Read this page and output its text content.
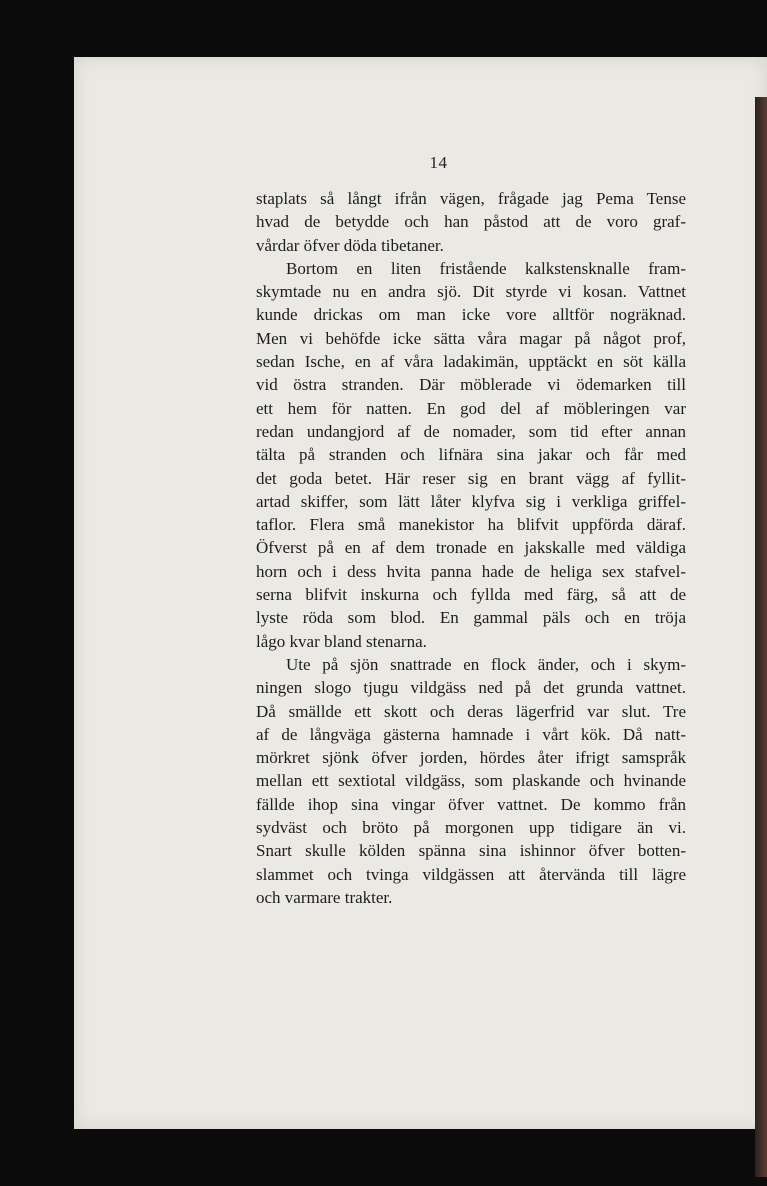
14
staplats så långt ifrån vägen, frågade jag Pema Tense
hvad de betydde och han påstod att de voro graf-
vårdar öfver döda tibetaner.
Bortom en liten fristående kalkstensknalle fram-
skymtade nu en andra sjö. Dit styrde vi kosan. Vattnet
kunde drickas om man icke vore alltför nogräknad.
Men vi behöfde icke sätta våra magar på något prof,
sedan Ische, en af våra ladakimän, upptäckt en söt källa
vid östra stranden. Där möblerade vi ödemarken till
ett hem för natten. En god del af möbleringen var
redan undangjord af de nomader, som tid efter annan
tälta på stranden och lifnära sina jakar och får med
det goda betet. Här reser sig en brant vägg af fyllit-
artad skiffer, som lätt låter klyfva sig i verkliga griffel-
taflor. Flera små manekistor ha blifvit uppförda däraf.
Öfverst på en af dem tronade en jakskalle med väldiga
horn och i dess hvita panna hade de heliga sex stafvel-
serna blifvit inskurna och fyllda med färg, så att de
lyste röda som blod. En gammal päls och en tröja
lågo kvar bland stenarna.
Ute på sjön snattrade en flock änder, och i skym-
ningen slogo tjugu vildgäss ned på det grunda vattnet.
Då smällde ett skott och deras lägerfrid var slut. Tre
af de långväga gästerna hamnade i vårt kök. Då natt-
mörkret sjönk öfver jorden, hördes åter ifrigt samspråk
mellan ett sextiotal vildgäss, som plaskande och hvinande
fällde ihop sina vingar öfver vattnet. De kommo från
sydväst och bröto på morgonen upp tidigare än vi.
Snart skulle kölden spänna sina ishinnor öfver botten-
slammet och tvinga vildgässen att återvända till lägre
och varmare trakter.
